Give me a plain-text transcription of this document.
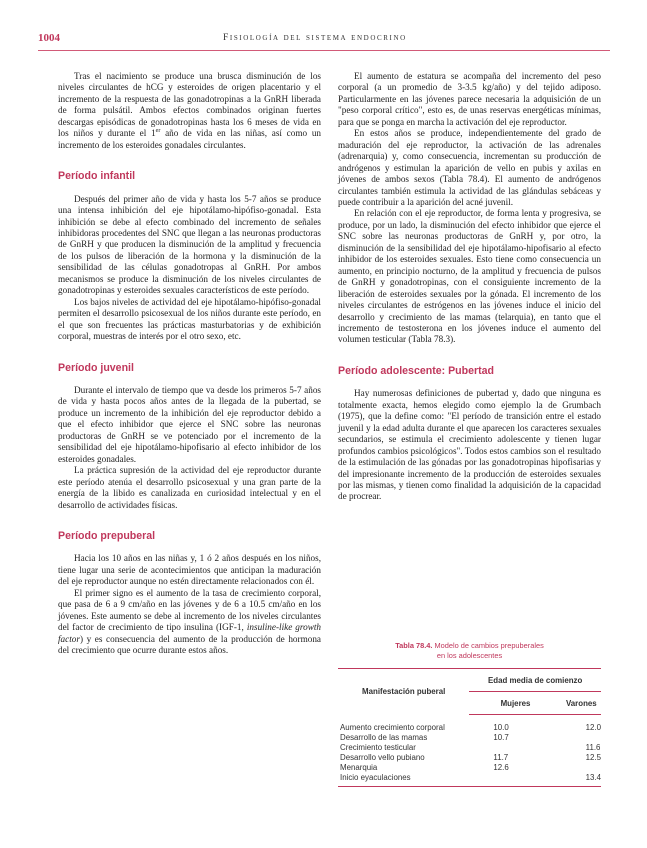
1004	Fisiología del sistema endocrino

Tras el nacimiento se produce una brusca disminución de los niveles circulantes de hCG y esteroides de origen placentario y el incremento de la respuesta de las gonadotropinas a la GnRH liberada de forma pulsátil. Ambos efectos combinados originan fuertes descargas episódicas de gonadotropinas hasta los 6 meses de vida en los niños y durante el 1er año de vida en las niñas, así como un incremento de los esteroides gonadales circulantes.

Período infantil

Después del primer año de vida y hasta los 5-7 años se produce una intensa inhibición del eje hipotálamo-hipófiso-gonadal. Esta inhibición se debe al efecto combinado del incremento de señales inhibidoras procedentes del SNC que llegan a las neuronas productoras de GnRH y que producen la disminución de la amplitud y frecuencia de los pulsos de liberación de la hormona y la disminución de la sensibilidad de las células gonadotropas al GnRH. Por ambos mecanismos se produce la disminución de los niveles circulantes de gonadotropinas y esteroides sexuales característicos de este período.

Los bajos niveles de actividad del eje hipotálamo-hipófiso-gonadal permiten el desarrollo psicosexual de los niños durante este período, en el que son frecuentes las prácticas masturbatorias y de exhibición corporal, muestras de interés por el otro sexo, etc.

Período juvenil

Durante el intervalo de tiempo que va desde los primeros 5-7 años de vida y hasta pocos años antes de la llegada de la pubertad, se produce un incremento de la inhibición del eje reproductor debido a que el efecto inhibidor que ejerce el SNC sobre las neuronas productoras de GnRH se ve potenciado por el incremento de la sensibilidad del eje hipotálamo-hipofisario al efecto inhibidor de los esteroides gonadales.

La práctica supresión de la actividad del eje reproductor durante este período atenúa el desarrollo psicosexual y una gran parte de la energía de la libido es canalizada en curiosidad intelectual y en el desarrollo de actividades físicas.

Período prepuberal

Hacia los 10 años en las niñas y, 1 ó 2 años después en los niños, tiene lugar una serie de acontecimientos que anticipan la maduración del eje reproductor aunque no estén directamente relacionados con él.

El primer signo es el aumento de la tasa de crecimiento corporal, que pasa de 6 a 9 cm/año en las jóvenes y de 6 a 10.5 cm/año en los jóvenes. Este aumento se debe al incremento de los niveles circulantes del factor de crecimiento de tipo insulina (IGF-1, insuline-like growth factor) y es consecuencia del aumento de la producción de hormona del crecimiento que ocurre durante estos años.

El aumento de estatura se acompaña del incremento del peso corporal (a un promedio de 3-3.5 kg/año) y del tejido adiposo. Particularmente en las jóvenes parece necesaria la adquisición de un "peso corporal crítico", esto es, de unas reservas energéticas mínimas, para que se ponga en marcha la activación del eje reproductor.

En estos años se produce, independientemente del grado de maduración del eje reproductor, la activación de las adrenales (adrenarquia) y, como consecuencia, incrementan su producción de andrógenos y estimulan la aparición de vello en pubis y axilas en jóvenes de ambos sexos (Tabla 78.4). El aumento de andrógenos circulantes también estimula la actividad de las glándulas sebáceas y puede contribuir a la aparición del acné juvenil.

En relación con el eje reproductor, de forma lenta y progresiva, se produce, por un lado, la disminución del efecto inhibidor que ejerce el SNC sobre las neuronas productoras de GnRH y, por otro, la disminución de la sensibilidad del eje hipotálamo-hipofisario al efecto inhibidor de los esteroides sexuales. Esto tiene como consecuencia un aumento, en principio nocturno, de la amplitud y frecuencia de pulsos de GnRH y gonadotropinas, con el consiguiente incremento de la liberación de esteroides sexuales por la gónada. El incremento de los niveles circulantes de estrógenos en las jóvenes induce el inicio del desarrollo y crecimiento de las mamas (telarquia), en tanto que el incremento de testosterona en los jóvenes induce el aumento del volumen testicular (Tabla 78.3).

Período adolescente: Pubertad

Hay numerosas definiciones de pubertad y, dado que ninguna es totalmente exacta, hemos elegido como ejemplo la de Grumbach (1975), que la define como: "El período de transición entre el estado juvenil y la edad adulta durante el que aparecen los caracteres sexuales secundarios, se estimula el crecimiento adolescente y tienen lugar profundos cambios psicológicos". Todos estos cambios son el resultado de la estimulación de las gónadas por las gonadotropinas hipofisarias y del impresionante incremento de la producción de esteroides sexuales por las mismas, y tienen como finalidad la adquisición de la capacidad de procrear.

Tabla 78.4. Modelo de cambios prepuberales
en los adolescentes
Manifestación puberal	Edad media de comienzo	
	Mujeres	Varones
Aumento crecimiento corporal	10.0	12.0
Desarrollo de las mamas	10.7	
Crecimiento testicular		11.6
Desarrollo vello pubiano	11.7	12.5
Menarquia	12.6	
Inicio eyaculaciones		13.4
